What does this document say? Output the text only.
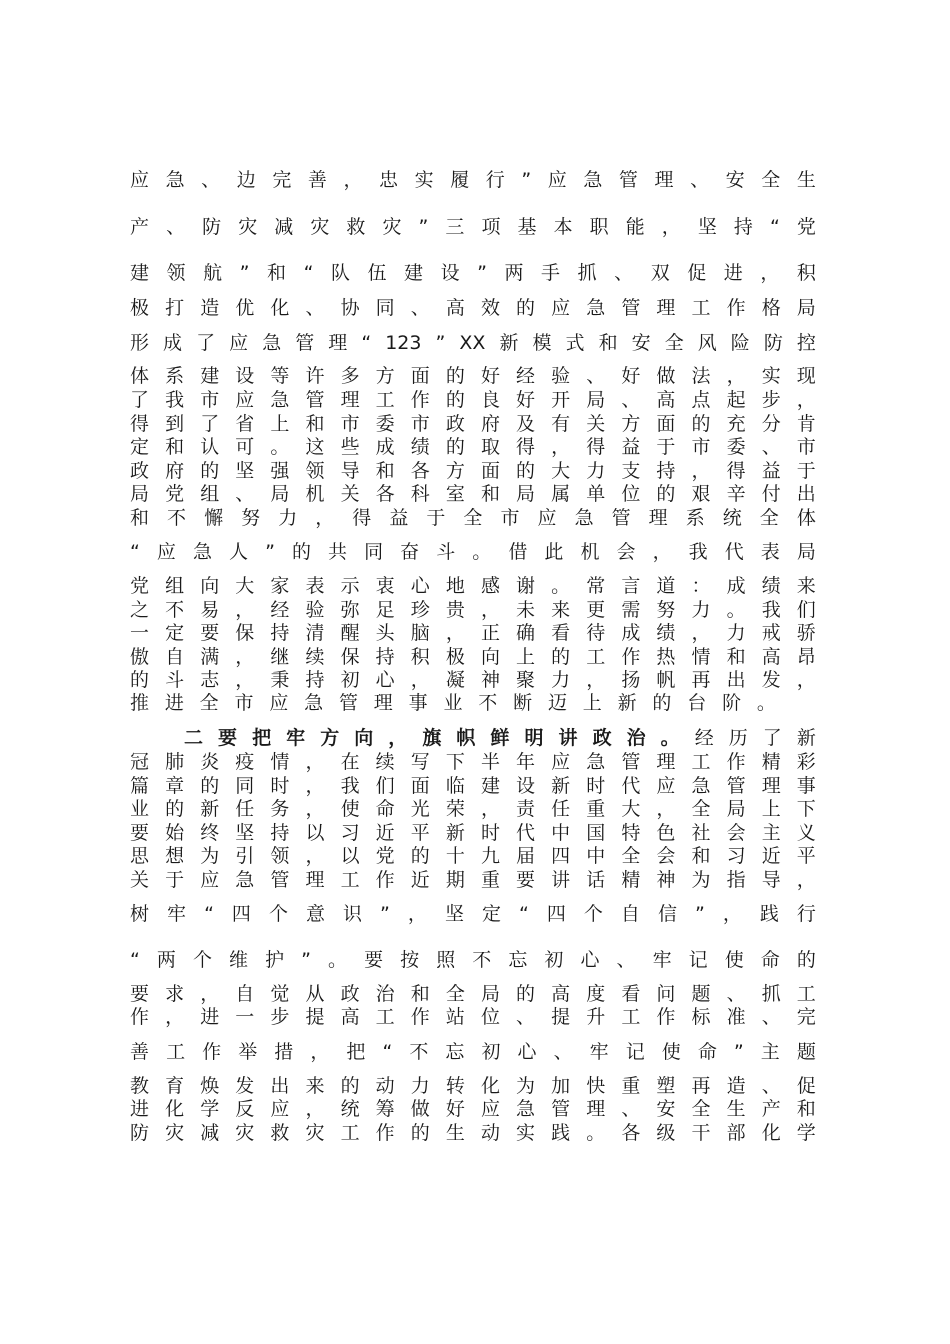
应 急 、 边 完 善 ， 忠 实 履 行 ” 应 急 管 理 、 安 全 生
产 、 防 灾 减 灾 救 灾 ” 三 项 基 本 职 能 ， 坚 持 “ 党
建 领 航 ” 和 “ 队 伍 建 设 ” 两 手 抓 、 双 促 进 ， 积
极 打 造 优 化 、 协 同 、 高 效 的 应 急 管 理 工 作 格 局
形 成 了 应 急 管 理 “ 123 ” XX 新 模 式 和 安 全 风 险 防 控
体 系 建 设 等 许 多 方 面 的 好 经 验 、 好 做 法 ， 实 现
了 我 市 应 急 管 理 工 作 的 良 好 开 局 、 高 点 起 步 ，
得 到 了 省 上 和 市 委 市 政 府 及 有 关 方 面 的 充 分 肯
定 和 认 可 。 这 些 成 绩 的 取 得 ， 得 益 于 市 委 、 市
政 府 的 坚 强 领 导 和 各 方 面 的 大 力 支 持 ， 得 益 于
局 党 组 、 局 机 关 各 科 室 和 局 属 单 位 的 艰 辛 付 出
和 不 懈 努 力 ， 得 益 于 全 市 应 急 管 理 系 统 全 体
“ 应 急 人 ” 的 共 同 奋 斗 。 借 此 机 会 ， 我 代 表 局
党 组 向 大 家 表 示 衷 心 地 感 谢 。 常 言 道 ： 成 绩 来
之 不 易 ， 经 验 弥 足 珍 贵 ， 未 来 更 需 努 力 。 我 们
一 定 要 保 持 清 醒 头 脑 ， 正 确 看 待 成 绩 ， 力 戒 骄
傲 自 满 ， 继 续 保 持 积 极 向 上 的 工 作 热 情 和 高 昂
的 斗 志 ， 秉 持 初 心 ， 凝 神 聚 力 ， 扬 帆 再 出 发 ，
推 进 全 市 应 急 管 理 事 业 不 断 迈 上 新 的 台 阶 。
二 要 把 牢 方 向 ， 旗 帜 鲜 明 讲 政 治 。 经 历 了 新
冠 肺 炎 疫 情 ， 在 续 写 下 半 年 应 急 管 理 工 作 精 彩
篇 章 的 同 时 ， 我 们 面 临 建 设 新 时 代 应 急 管 理 事
业 的 新 任 务 ， 使 命 光 荣 ， 责 任 重 大 ， 全 局 上 下
要 始 终 坚 持 以 习 近 平 新 时 代 中 国 特 色 社 会 主 义
思 想 为 引 领 ， 以 党 的 十 九 届 四 中 全 会 和 习 近 平
关 于 应 急 管 理 工 作 近 期 重 要 讲 话 精 神 为 指 导 ，
树 牢 “ 四 个 意 识 ” ， 坚 定 “ 四 个 自 信 ” ， 践 行
“ 两 个 维 护 ” 。 要 按 照 不 忘 初 心 、 牢 记 使 命 的
要 求 ， 自 觉 从 政 治 和 全 局 的 高 度 看 问 题 、 抓 工
作 ， 进 一 步 提 高 工 作 站 位 、 提 升 工 作 标 准 、 完
善 工 作 举 措 ， 把 “ 不 忘 初 心 、 牢 记 使 命 ” 主 题
教 育 焕 发 出 来 的 动 力 转 化 为 加 快 重 塑 再 造 、 促
进 化 学 反 应 ， 统 筹 做 好 应 急 管 理 、 安 全 生 产 和
防 灾 减 灾 救 灾 工 作 的 生 动 实 践 。 各 级 干 部 化 学
